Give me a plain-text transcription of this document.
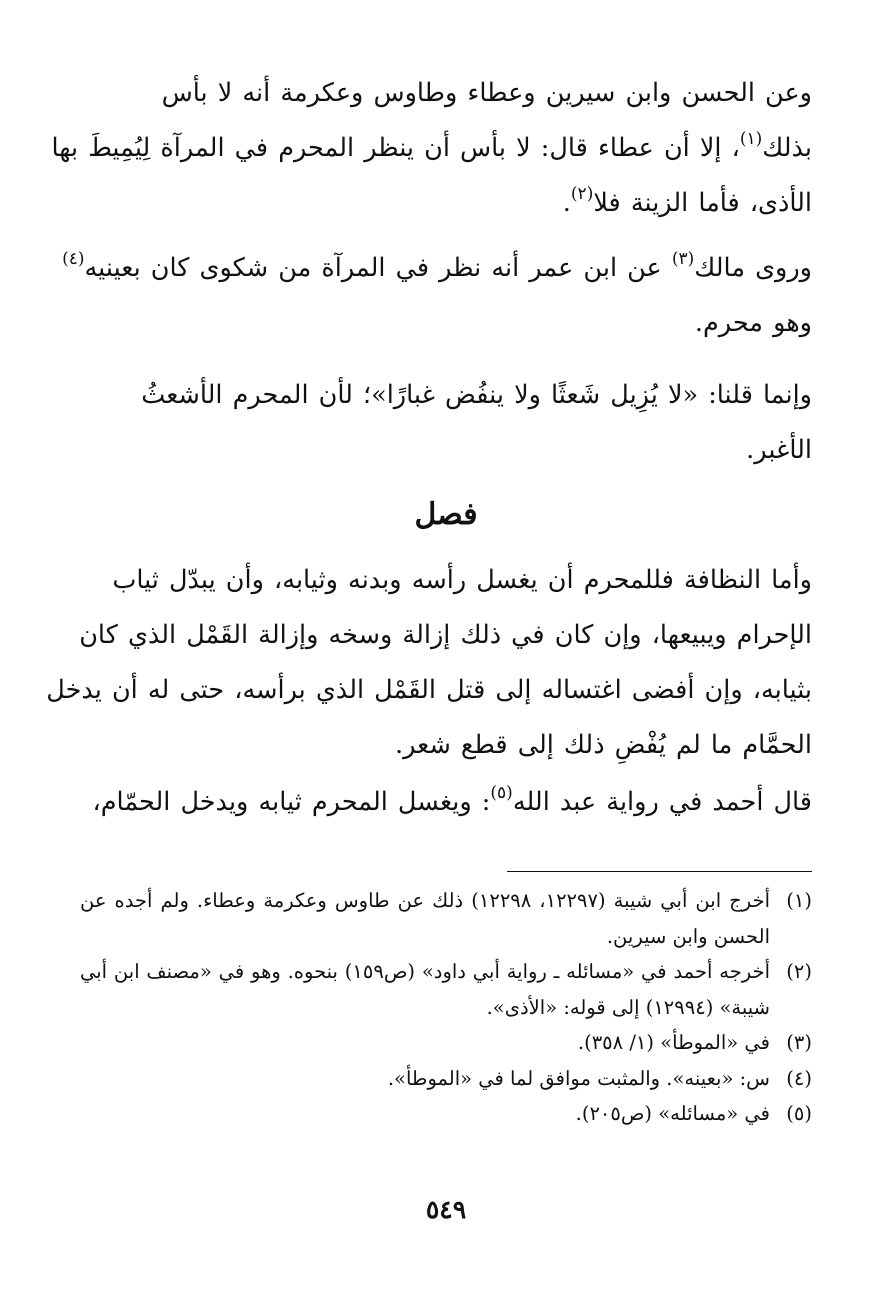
وعن الحسن وابن سيرين وعطاء وطاوس وعكرمة أنه لا بأس
بذلك$^{(١)}$، إلا أن عطاء قال: لا بأس أن ينظر المحرم في المرآة لِيُمِيطَ بها
الأذى، فأما الزينة فلا$^{(٢)}$.
وروى مالك$^{(٣)}$ عن ابن عمر أنه نظر في المرآة من شكوى كان بعينيه$^{(٤)}$
وهو محرم.
وإنما قلنا: «لا يُزِيل شَعثًا ولا ينفُض غبارًا»؛ لأن المحرم الأشعثُ
الأغبر.
فصل
وأما النظافة فللمحرم أن يغسل رأسه وبدنه وثيابه، وأن يبدّل ثياب
الإحرام ويبيعها، وإن كان في ذلك إزالة وسخه وإزالة القَمْل الذي كان
بثيابه، وإن أفضى اغتساله إلى قتل القَمْل الذي برأسه، حتى له أن يدخل
الحمَّام ما لم يُفْضِ ذلك إلى قطع شعر.
قال أحمد في رواية عبد الله$^{(٥)}$: ويغسل المحرم ثيابه ويدخل الحمّام،
(١)
أخرج ابن أبي شيبة (١٢٢٩٧، ١٢٢٩٨) ذلك عن طاوس وعكرمة وعطاء. ولم أجده عن الحسن وابن سيرين.
(٢)
أخرجه أحمد في «مسائله ـ رواية أبي داود» (ص١٥٩) بنحوه. وهو في «مصنف ابن أبي شيبة» (١٢٩٩٤) إلى قوله: «الأذى».
(٣)
في «الموطأ» (١/ ٣٥٨).
(٤)
س: «بعينه». والمثبت موافق لما في «الموطأ».
(٥)
في «مسائله» (ص٢٠٥).
٥٤٩
